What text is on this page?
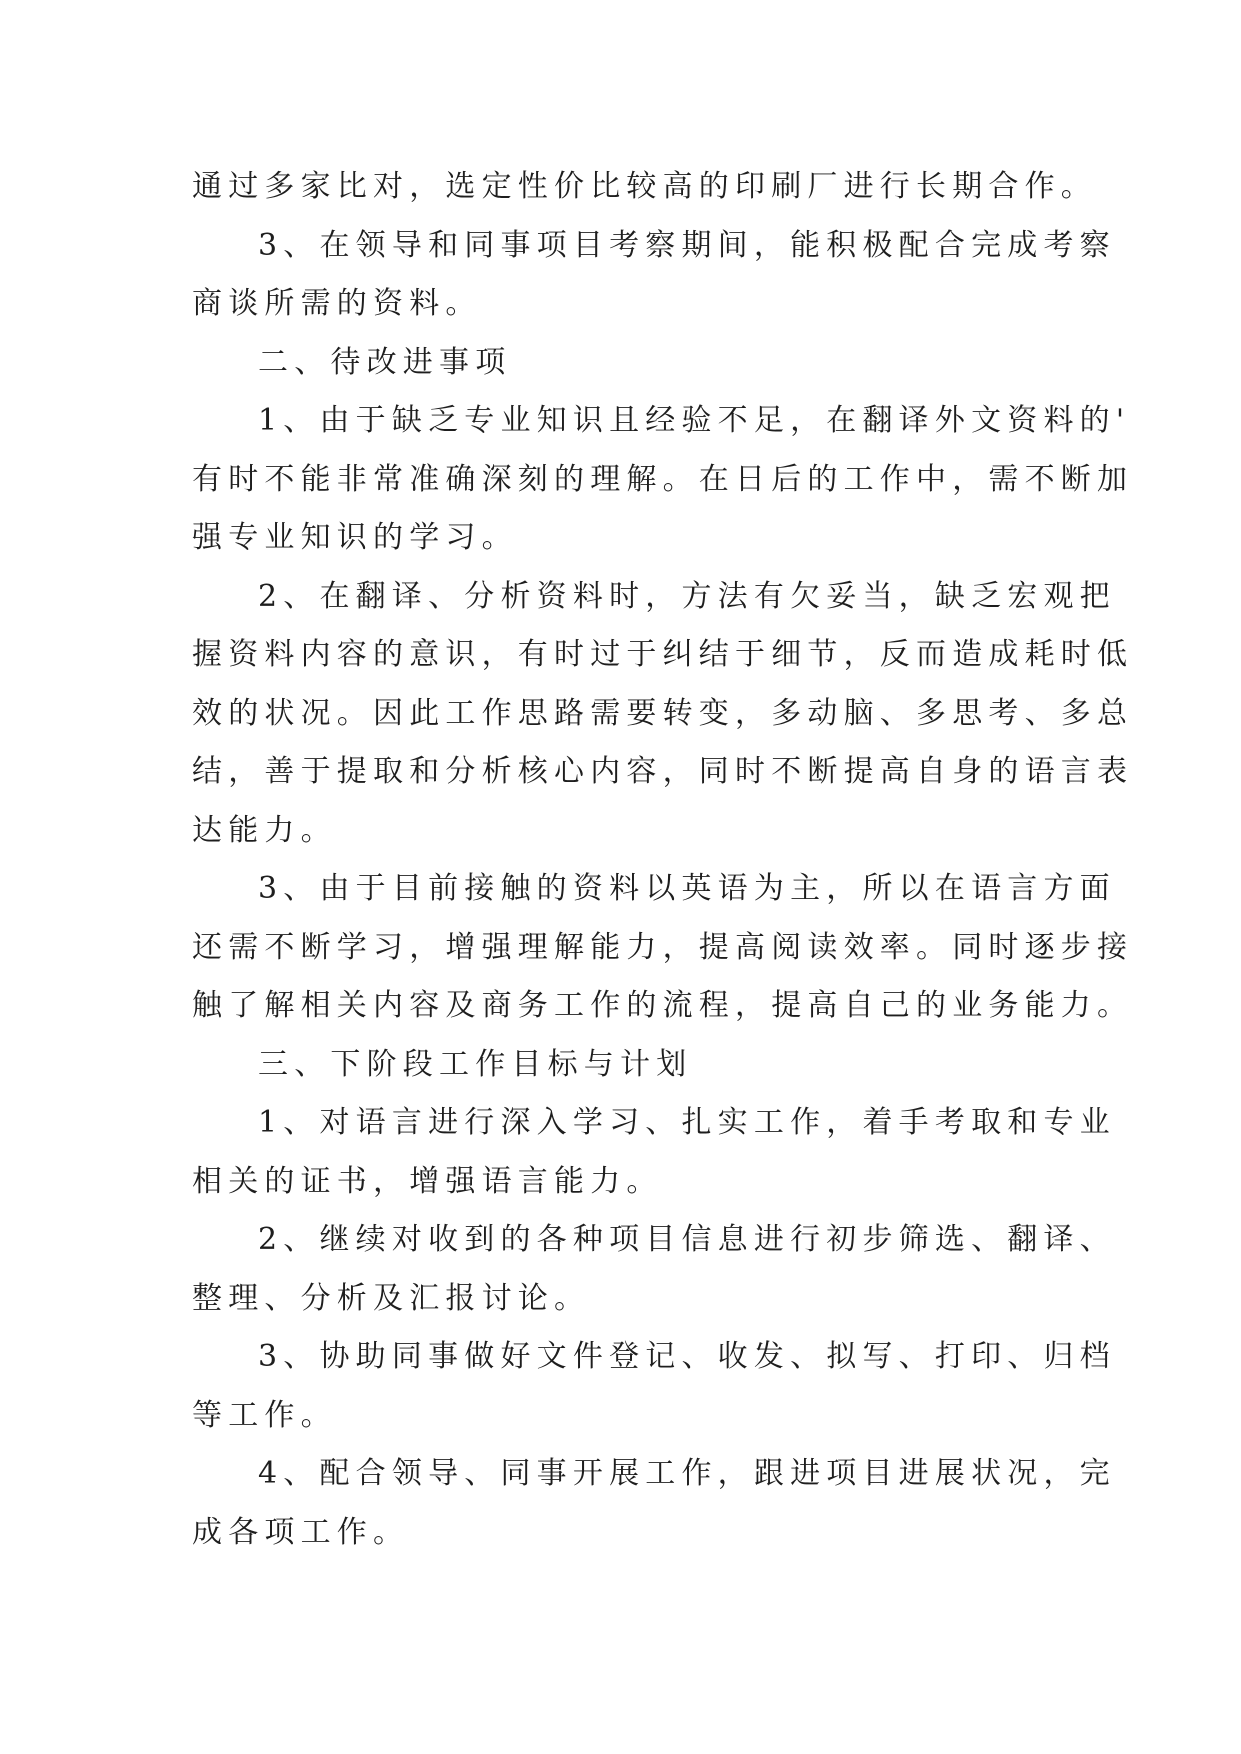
通过多家比对，选定性价比较高的印刷厂进行长期合作。
3、在领导和同事项目考察期间，能积极配合完成考察
商谈所需的资料。
二、待改进事项
1、由于缺乏专业知识且经验不足，在翻译外文资料的'
有时不能非常准确深刻的理解。在日后的工作中，需不断加
强专业知识的学习。
2、在翻译、分析资料时，方法有欠妥当，缺乏宏观把
握资料内容的意识，有时过于纠结于细节，反而造成耗时低
效的状况。因此工作思路需要转变，多动脑、多思考、多总
结，善于提取和分析核心内容，同时不断提高自身的语言表
达能力。
3、由于目前接触的资料以英语为主，所以在语言方面
还需不断学习，增强理解能力，提高阅读效率。同时逐步接
触了解相关内容及商务工作的流程，提高自己的业务能力。
三、下阶段工作目标与计划
1、对语言进行深入学习、扎实工作，着手考取和专业
相关的证书，增强语言能力。
2、继续对收到的各种项目信息进行初步筛选、翻译、
整理、分析及汇报讨论。
3、协助同事做好文件登记、收发、拟写、打印、归档
等工作。
4、配合领导、同事开展工作，跟进项目进展状况，完
成各项工作。
